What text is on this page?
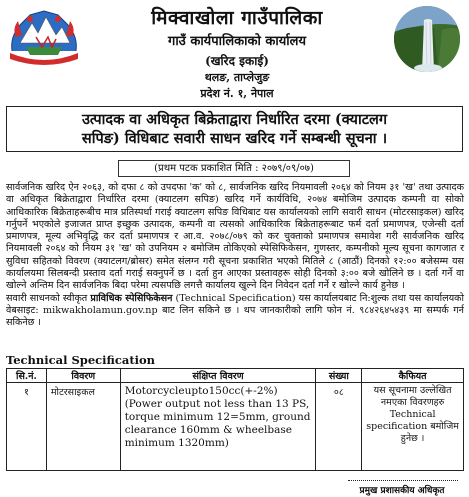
मिक्वाखोला गाउँपालिका
गाउँ कार्यपालिकाको कार्यालय
(खरिद इकाई)
थलङ, ताप्लेजुङ
प्रदेश नं. १, नेपाल
उत्पादक वा अधिकृत बिक्रेताद्वारा निर्धारित दरमा (क्याटलग
सपिङ) विधिबाट सवारी साधन खरिद गर्ने सम्बन्धी सूचना ।
(प्रथम पटक प्रकाशित मिति : २०७९/०९/०७)

सार्वजनिक खरिद ऐन २०६३, को दफा ८ को उपदफा 'क' को ८, सार्वजनिक खरिद नियमावली २०६४ को नियम ३१ 'ख' तथा उत्पादक वा अधिकृत बिक्रेताद्वारा निर्धारित दरमा (क्याटलग सपिङ) खरिद गर्ने कार्यविधि, २०७४ बमोजिम उत्पादक कम्पनी वा सोको आधिकारिक बिक्रेताहरूबीच मात्र प्रतिस्पर्धा गराई क्याटलग सपिङ विधिबाट यस कार्यालयको लागि सवारी साधन (मोटरसाइकल) खरिद गर्नुपर्ने भएकोले इजाजत प्राप्त इच्छुक उत्पादक, कम्पनी वा त्यसको आधिकारिक बिक्रेताहरूबाट फर्म दर्ता प्रमाणपत्र, एजेन्सी दर्ता प्रमाणपत्र, मूल्य अभिवृद्धि कर दर्ता प्रमाणपत्र र आ.व. २०७८/०७९ को कर चुक्ताको प्रमाणपत्र समावेश गरी सार्वजनिक खरिद नियमावली २०६४ को नियम ३१ 'ख' को उपनियम २ बमोजिम तोकिएको स्पेसिफिकेसन, गुणस्तर, कम्पनीको मूल्य सूचना कागजात र सुविधा सहितको विवरण (क्याटलग/ब्रोसर) समेत संलग्न गरी सूचना प्रकाशित भएको मितिले ८ (आठौं) दिनको १२:०० बजेसम्म यस कार्यालयमा सिलबन्दी प्रस्ताव दर्ता गराई सक्नुपर्ने छ । दर्ता हुन आएका प्रस्तावहरू सोही दिनको ३:०० बजे खोलिने छ । दर्ता गर्ने वा खोल्ने अन्तिम दिन सार्वजनिक बिदा परेमा त्यसपछि लगत्तै कार्यालय खुल्ने दिन निवेदन दर्ता गर्ने र खोल्ने कार्य हुनेछ ।

सवारी साधनको स्वीकृत प्राविधिक स्पेसिफिकेसन (Technical Specification) यस कार्यालयबाट नि:शुल्क तथा यस कार्यालयको वेबसाइट: mikwakholamun.gov.np बाट लिन सकिने छ । थप जानकारीको लागि फोन नं. ९८४२६४५४३९ मा सम्पर्क गर्न सकिनेछ ।

Technical Specification
सि.नं.	विवरण	संक्षिप्त विवरण	संख्या	कैफियत
१	मोटरसाइकल	Motorcycleupto150cc(+-2%) (Power output not less than 13 PS, torque minimum 12=5mm, ground clearance 160mm & wheelbase minimum 1320mm)	०८	यस सूचनामा उल्लेखित नमएका विवरणहरु Technical specification बमोजिम हुनेछ ।
प्रमुख प्रशासकीय अधिकृत
